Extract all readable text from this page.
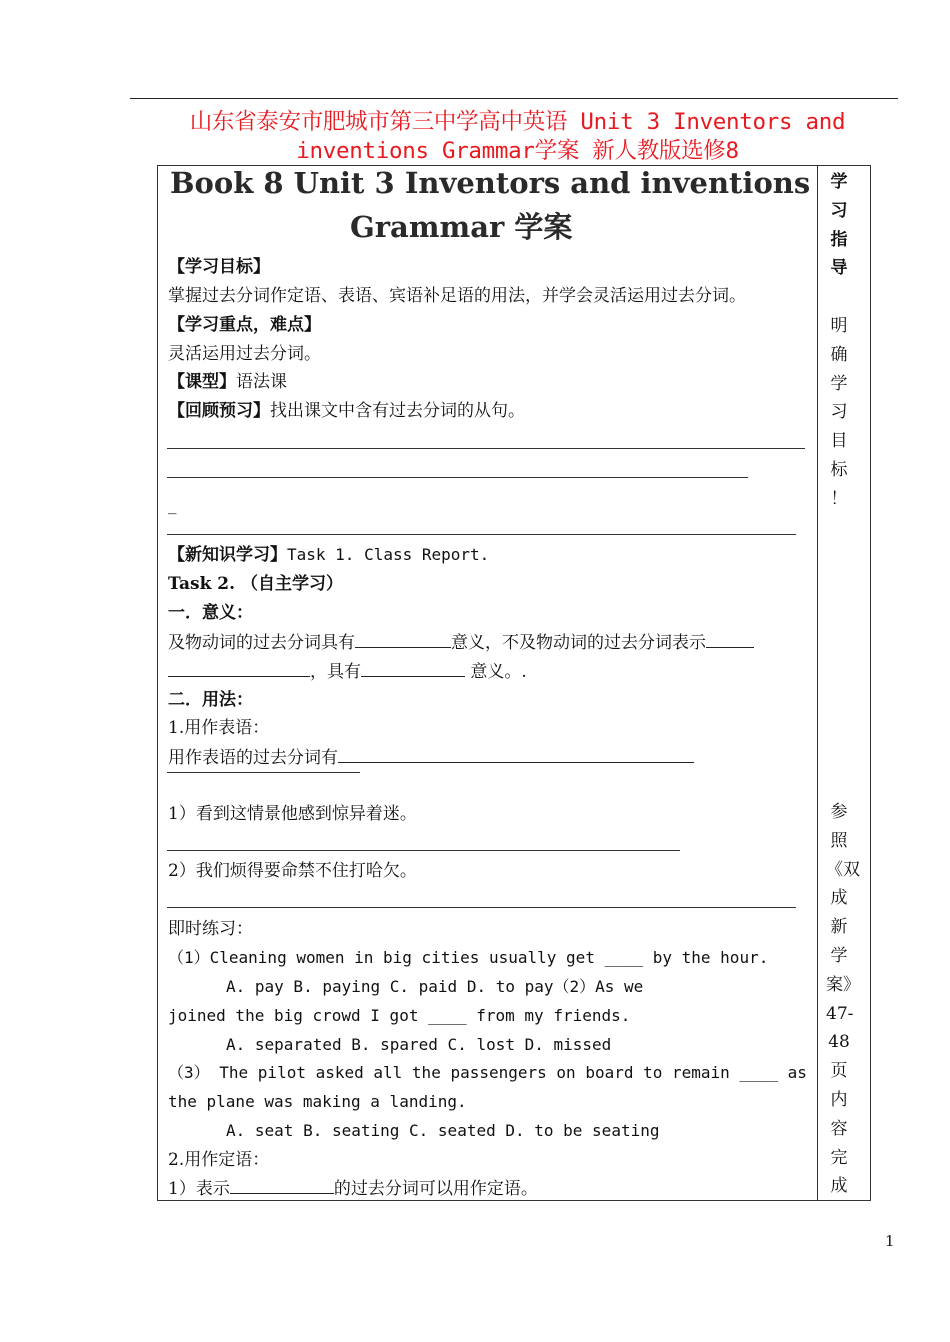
山东省泰安市肥城市第三中学高中英语 Unit 3 Inventors and
inventions Grammar学案 新人教版选修8
Book 8 Unit 3 Inventors and inventions
Grammar 学案
【学习目标】
掌握过去分词作定语、表语、宾语补足语的用法，并学会灵活运用过去分词。
【学习重点，难点】
灵活运用过去分词。
【课型】语法课
【回顾预习】找出课文中含有过去分词的从句。
_
【新知识学习】Task 1. Class Report.
Task 2. （自主学习）
一．意义：
及物动词的过去分词具有	意义，不及物动词的过去分词表示
，具有	意义。.
二．用法：
1.用作表语：
用作表语的过去分词有
1）看到这情景他感到惊异着迷。
2）我们烦得要命禁不住打哈欠。
即时练习：
（1）Cleaning women in big cities usually get ____ by the hour.
A. pay B. paying C. paid D. to pay（2）As we
joined the big crowd I got ____ from my friends.
A. separated B. spared C. lost D. missed
（3） The pilot asked all the passengers on board to remain ____ as
the plane was making a landing.
A. seat B. seating C. seated D. to be seating
2.用作定语：
1）表示	的过去分词可以用作定语。
学
习
指
导
明
确
学
习
目
标
！
参
照
《双
成
新
学
案》
47-
48
页
内
容
完
成
1
